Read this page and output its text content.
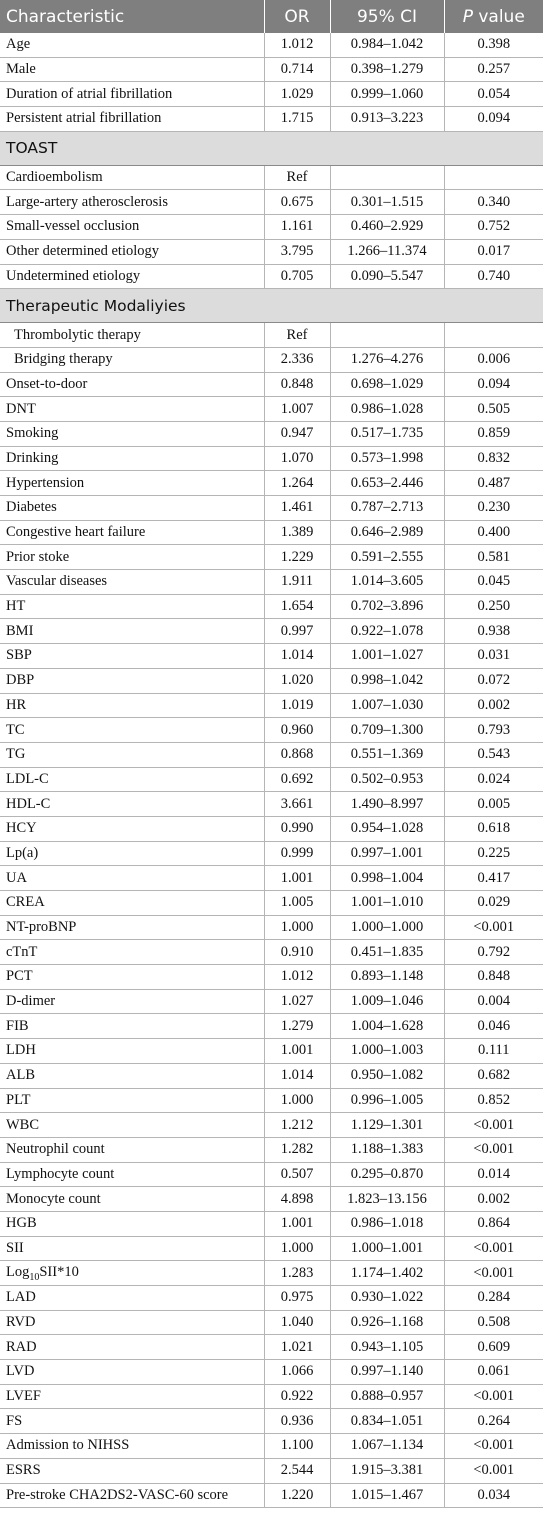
Characteristic	OR	95% CI	P value
Age	1.012	0.984–1.042	0.398
Male	0.714	0.398–1.279	0.257
Duration of atrial fibrillation	1.029	0.999–1.060	0.054
Persistent atrial fibrillation	1.715	0.913–3.223	0.094
TOAST			
Cardioembolism	Ref		
Large-artery atherosclerosis	0.675	0.301–1.515	0.340
Small-vessel occlusion	1.161	0.460–2.929	0.752
Other determined etiology	3.795	1.266–11.374	0.017
Undetermined etiology	0.705	0.090–5.547	0.740
Therapeutic Modaliyies			
Thrombolytic therapy	Ref		
Bridging therapy	2.336	1.276–4.276	0.006
Onset-to-door	0.848	0.698–1.029	0.094
DNT	1.007	0.986–1.028	0.505
Smoking	0.947	0.517–1.735	0.859
Drinking	1.070	0.573–1.998	0.832
Hypertension	1.264	0.653–2.446	0.487
Diabetes	1.461	0.787–2.713	0.230
Congestive heart failure	1.389	0.646–2.989	0.400
Prior stoke	1.229	0.591–2.555	0.581
Vascular diseases	1.911	1.014–3.605	0.045
HT	1.654	0.702–3.896	0.250
BMI	0.997	0.922–1.078	0.938
SBP	1.014	1.001–1.027	0.031
DBP	1.020	0.998–1.042	0.072
HR	1.019	1.007–1.030	0.002
TC	0.960	0.709–1.300	0.793
TG	0.868	0.551–1.369	0.543
LDL-C	0.692	0.502–0.953	0.024
HDL-C	3.661	1.490–8.997	0.005
HCY	0.990	0.954–1.028	0.618
Lp(a)	0.999	0.997–1.001	0.225
UA	1.001	0.998–1.004	0.417
CREA	1.005	1.001–1.010	0.029
NT-proBNP	1.000	1.000–1.000	<0.001
cTnT	0.910	0.451–1.835	0.792
PCT	1.012	0.893–1.148	0.848
D-dimer	1.027	1.009–1.046	0.004
FIB	1.279	1.004–1.628	0.046
LDH	1.001	1.000–1.003	0.111
ALB	1.014	0.950–1.082	0.682
PLT	1.000	0.996–1.005	0.852
WBC	1.212	1.129–1.301	<0.001
Neutrophil count	1.282	1.188–1.383	<0.001
Lymphocyte count	0.507	0.295–0.870	0.014
Monocyte count	4.898	1.823–13.156	0.002
HGB	1.001	0.986–1.018	0.864
SII	1.000	1.000–1.001	<0.001
Log$_{10}$SII*10	1.283	1.174–1.402	<0.001
LAD	0.975	0.930–1.022	0.284
RVD	1.040	0.926–1.168	0.508
RAD	1.021	0.943–1.105	0.609
LVD	1.066	0.997–1.140	0.061
LVEF	0.922	0.888–0.957	<0.001
FS	0.936	0.834–1.051	0.264
Admission to NIHSS	1.100	1.067–1.134	<0.001
ESRS	2.544	1.915–3.381	<0.001
Pre-stroke CHA2DS2-VASC-60 score	1.220	1.015–1.467	0.034
